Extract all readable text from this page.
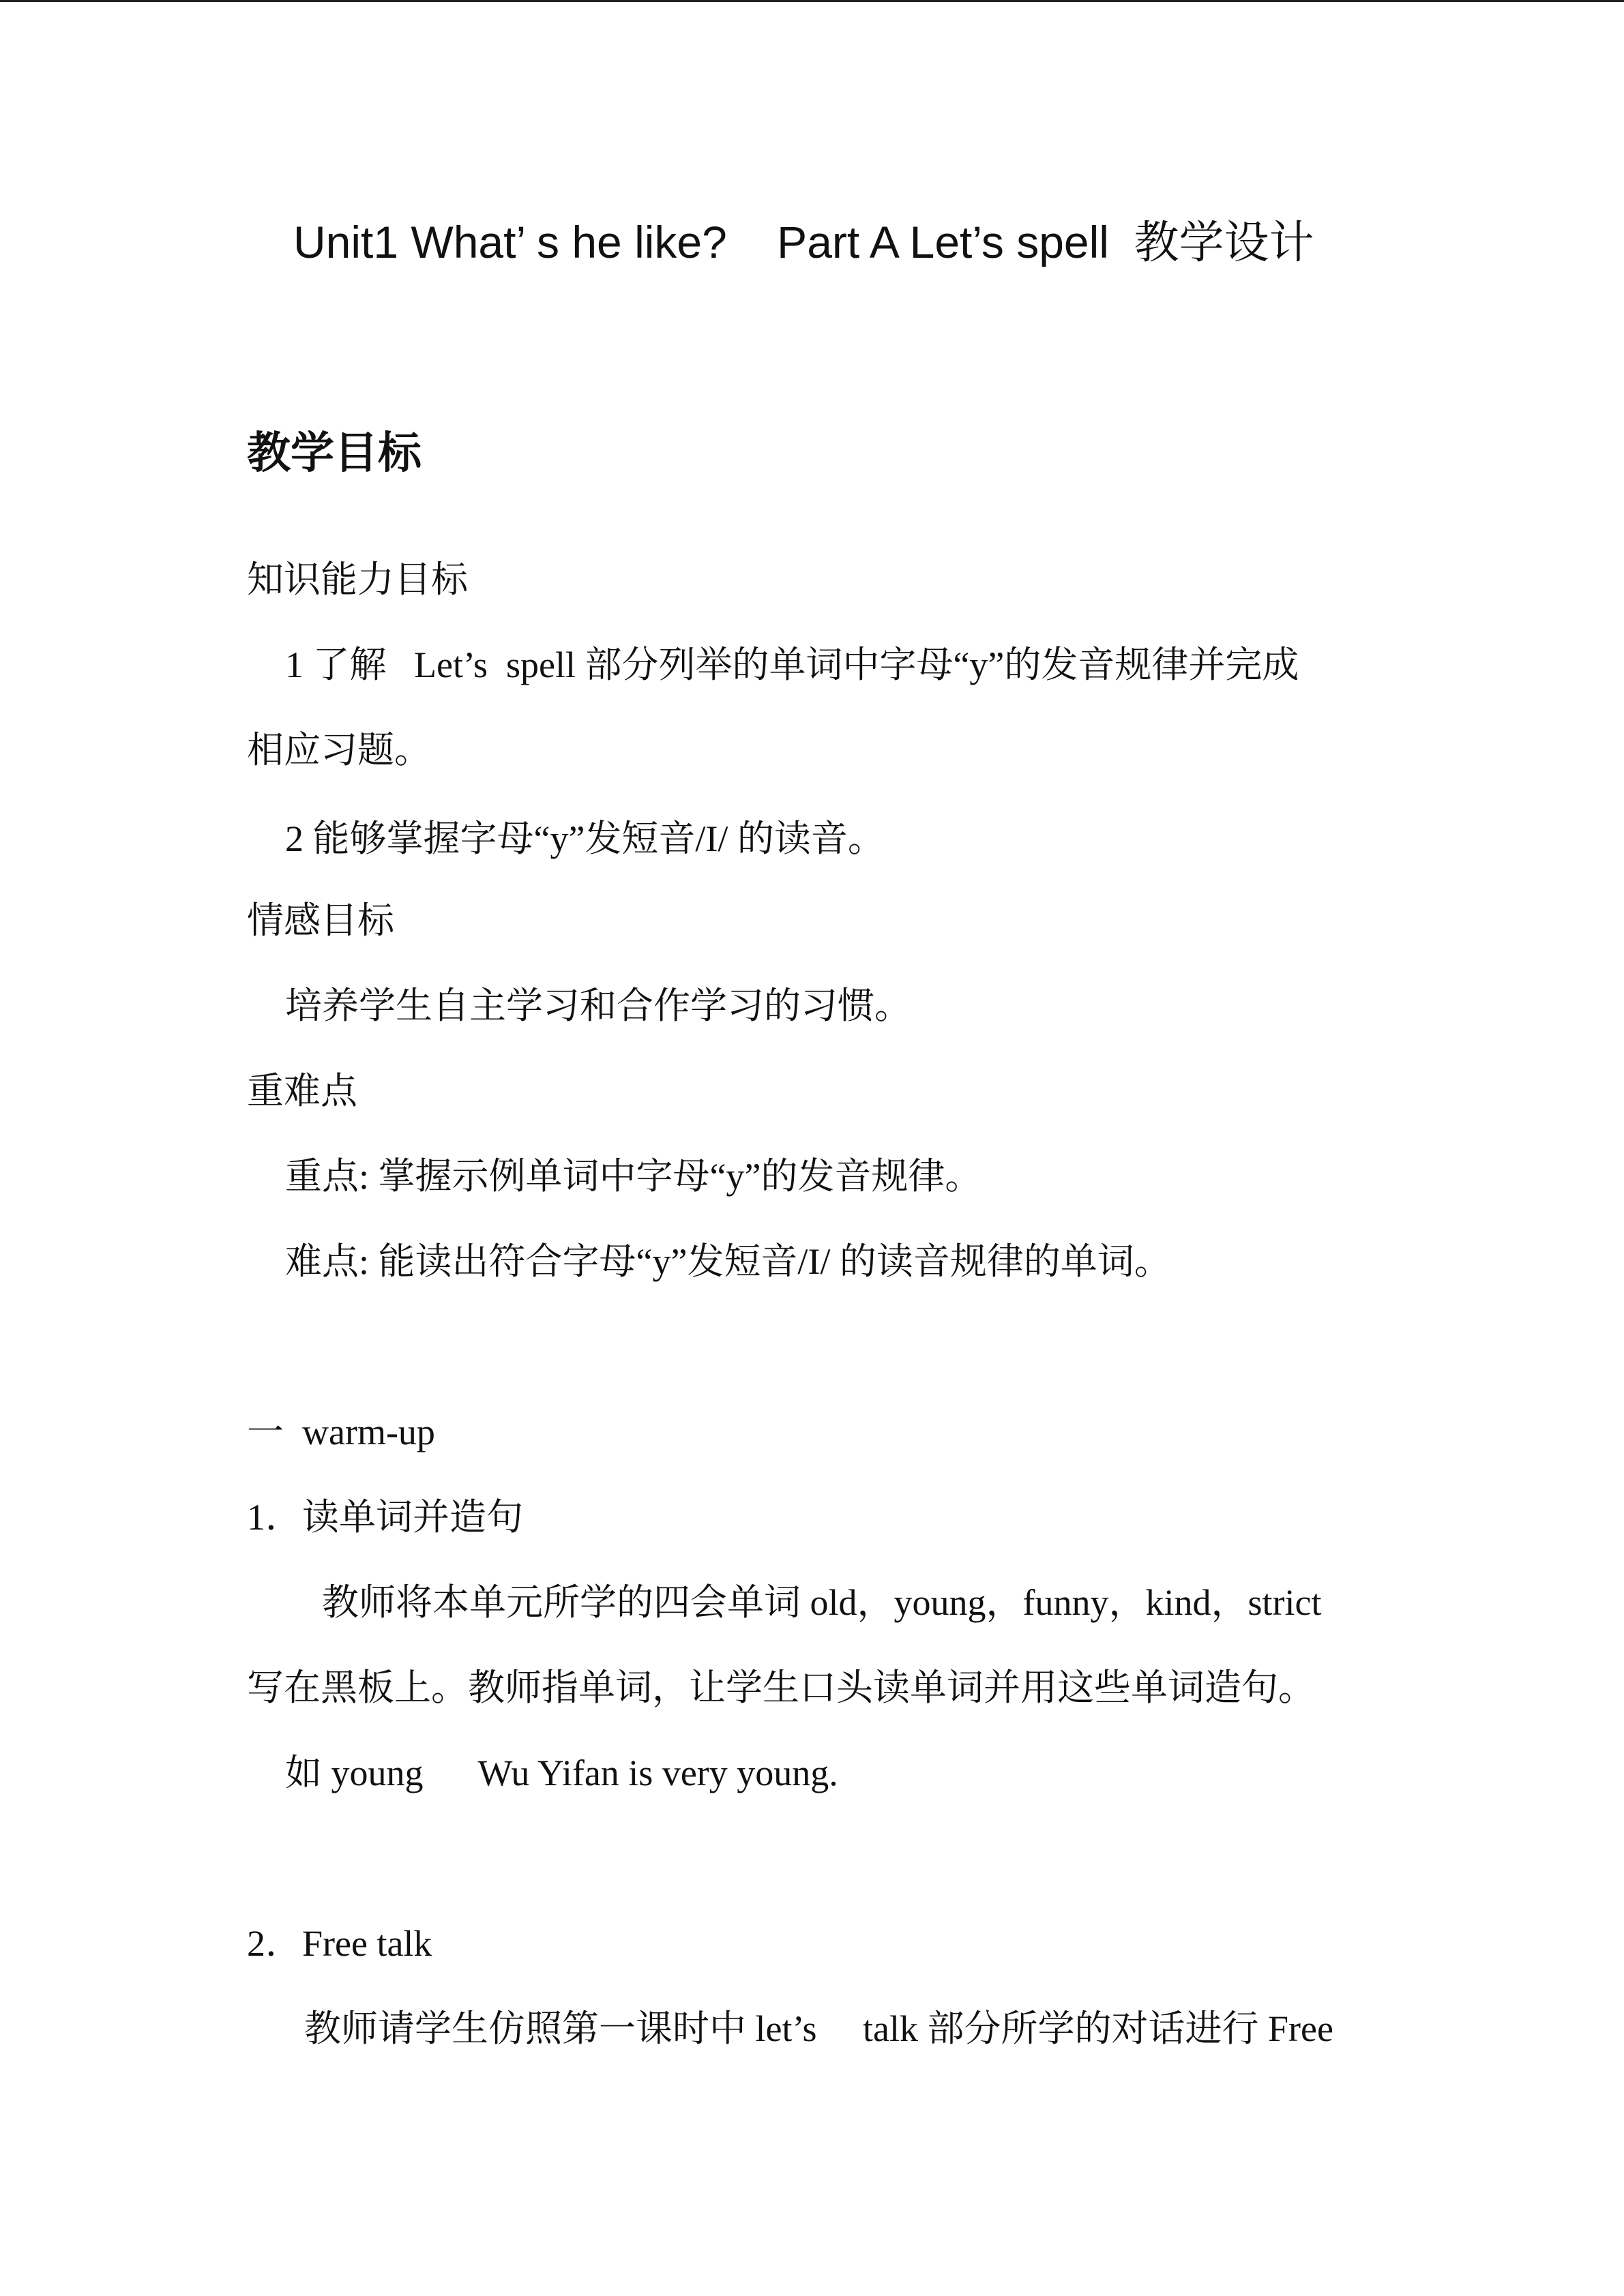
Unit1 What’ s he like?    Part A Let’s spell  教学设计
教学目标
知识能力目标
1 了解   Let’s  spell 部分列举的单词中字母“y”的发音规律并完成
相应习题。
2 能够掌握字母“y”发短音/I/ 的读音。
情感目标
培养学生自主学习和合作学习的习惯。
重难点
重点: 掌握示例单词中字母“y”的发音规律。
难点: 能读出符合字母“y”发短音/I/ 的读音规律的单词。
一  warm-up
1．读单词并造句
教师将本单元所学的四会单词 old，young，funny，kind，strict
写在黑板上。教师指单词，让学生口头读单词并用这些单词造句。
如 young      Wu Yifan is very young.
2．Free talk
教师请学生仿照第一课时中 let’s     talk 部分所学的对话进行 Free
